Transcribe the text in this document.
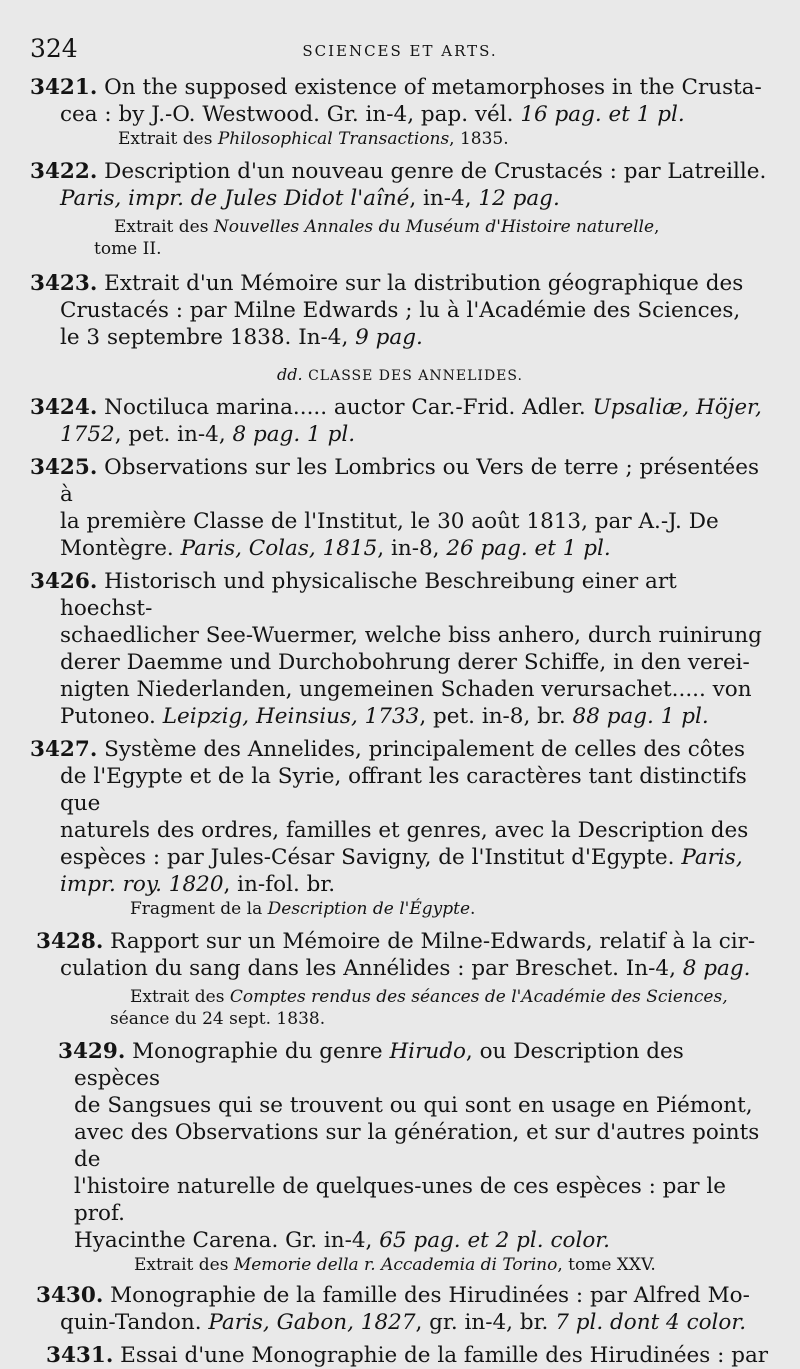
324	SCIENCES ET ARTS.
3421. On the supposed existence of metamorphoses in the Crusta-
cea : by J.-O. Westwood. Gr. in-4, pap. vél. 16 pag. et 1 pl.
Extrait des Philosophical Transactions, 1835.
3422. Description d'un nouveau genre de Crustacés : par Latreille.
Paris, impr. de Jules Didot l'aîné, in-4, 12 pag.
Extrait des Nouvelles Annales du Muséum d'Histoire naturelle,
tome II.
3423. Extrait d'un Mémoire sur la distribution géographique des
Crustacés : par Milne Edwards ; lu à l'Académie des Sciences,
le 3 septembre 1838. In-4, 9 pag.
dd. CLASSE DES ANNELIDES.
3424. Noctiluca marina..... auctor Car.-Frid. Adler. Upsaliæ, Höjer,
1752, pet. in-4, 8 pag. 1 pl.
3425. Observations sur les Lombrics ou Vers de terre ; présentées à
la première Classe de l'Institut, le 30 août 1813, par A.-J. De
Montègre. Paris, Colas, 1815, in-8, 26 pag. et 1 pl.
3426. Historisch und physicalische Beschreibung einer art hoechst-
schaedlicher See-Wuermer, welche biss anhero, durch ruinirung
derer Daemme und Durchobohrung derer Schiffe, in den verei-
nigten Niederlanden, ungemeinen Schaden verursachet..... von
Putoneo. Leipzig, Heinsius, 1733, pet. in-8, br. 88 pag. 1 pl.
3427. Système des Annelides, principalement de celles des côtes
de l'Egypte et de la Syrie, offrant les caractères tant distinctifs que
naturels des ordres, familles et genres, avec la Description des
espèces : par Jules-César Savigny, de l'Institut d'Egypte. Paris,
impr. roy. 1820, in-fol. br.
Fragment de la Description de l'Égypte.
3428. Rapport sur un Mémoire de Milne-Edwards, relatif à la cir-
culation du sang dans les Annélides : par Breschet. In-4, 8 pag.
Extrait des Comptes rendus des séances de l'Académie des Sciences,
séance du 24 sept. 1838.
3429. Monographie du genre Hirudo, ou Description des espèces
de Sangsues qui se trouvent ou qui sont en usage en Piémont,
avec des Observations sur la génération, et sur d'autres points de
l'histoire naturelle de quelques-unes de ces espèces : par le prof.
Hyacinthe Carena. Gr. in-4, 65 pag. et 2 pl. color.
Extrait des Memorie della r. Accademia di Torino, tome XXV.
3430. Monographie de la famille des Hirudinées : par Alfred Mo-
quin-Tandon. Paris, Gabon, 1827, gr. in-4, br. 7 pl. dont 4 color.
3431. Essai d'une Monographie de la famille des Hirudinées : par
